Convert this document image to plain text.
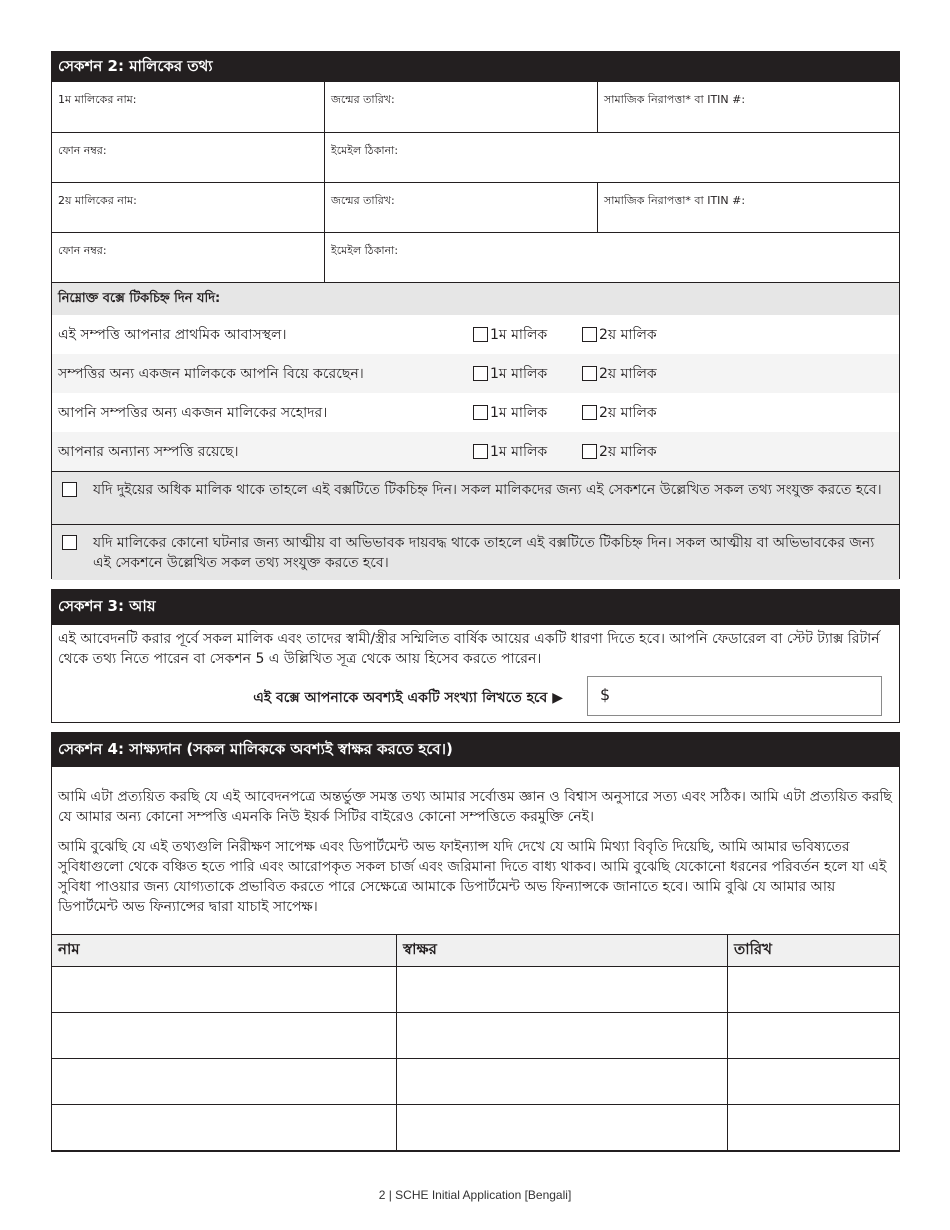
সেকশন 2: মালিকের তথ্য
1ম মালিকের নাম:	জন্মের তারিখ:	সামাজিক নিরাপত্তা* বা ITIN #:
ফোন নম্বর:	ইমেইল ঠিকানা:
2য় মালিকের নাম:	জন্মের তারিখ:	সামাজিক নিরাপত্তা* বা ITIN #:
ফোন নম্বর:	ইমেইল ঠিকানা:
নিম্নোক্ত বক্সে টিকচিহ্ন দিন যদি:
এই সম্পত্তি আপনার প্রাথমিক আবাসস্থল।	1ম মালিক	2য় মালিক
সম্পত্তির অন্য একজন মালিককে আপনি বিয়ে করেছেন।	1ম মালিক	2য় মালিক
আপনি সম্পত্তির অন্য একজন মালিকের সহোদর।	1ম মালিক	2য় মালিক
আপনার অন্যান্য সম্পত্তি রয়েছে।	1ম মালিক	2য় মালিক
যদি দুইয়ের অধিক মালিক থাকে তাহলে এই বক্সটিতে টিকচিহ্ন দিন। সকল মালিকদের জন্য এই সেকশনে উল্লেখিত সকল তথ্য সংযুক্ত করতে হবে।
যদি মালিকের কোনো ঘটনার জন্য আত্মীয় বা অভিভাবক দায়বদ্ধ থাকে তাহলে এই বক্সটিতে টিকচিহ্ন দিন। সকল আত্মীয় বা অভিভাবকের জন্য এই সেকশনে উল্লেখিত সকল তথ্য সংযুক্ত করতে হবে।
সেকশন 3: আয়
এই আবেদনটি করার পূর্বে সকল মালিক এবং তাদের স্বামী/স্ত্রীর সম্মিলিত বার্ষিক আয়ের একটি ধারণা দিতে হবে। আপনি ফেডারেল বা স্টেট ট্যাক্স রিটার্ন থেকে তথ্য নিতে পারেন বা সেকশন 5 এ উল্লিখিত সূত্র থেকে আয় হিসেব করতে পারেন।
এই বক্সে আপনাকে অবশ্যই একটি সংখ্যা লিখতে হবে ▶	$
সেকশন 4: সাক্ষ্যদান (সকল মালিককে অবশ্যই স্বাক্ষর করতে হবে।)
আমি এটা প্রত্যয়িত করছি যে এই আবেদনপত্রে অন্তর্ভুক্ত সমস্ত তথ্য আমার সর্বোত্তম জ্ঞান ও বিশ্বাস অনুসারে সত্য এবং সঠিক। আমি এটা প্রত্যয়িত করছি যে আমার অন্য কোনো সম্পত্তি এমনকি নিউ ইয়র্ক সিটির বাইরেও কোনো সম্পত্তিতে করমুক্তি নেই।
আমি বুঝেছি যে এই তথ্যগুলি নিরীক্ষণ সাপেক্ষ এবং ডিপার্টমেন্ট অভ ফাইন্যান্স যদি দেখে যে আমি মিথ্যা বিবৃতি দিয়েছি, আমি আমার ভবিষ্যতের সুবিধাগুলো থেকে বঞ্চিত হতে পারি এবং আরোপকৃত সকল চার্জ এবং জরিমানা দিতে বাধ্য থাকব। আমি বুঝেছি যেকোনো ধরনের পরিবর্তন হলে যা এই সুবিধা পাওয়ার জন্য যোগ্যতাকে প্রভাবিত করতে পারে সেক্ষেত্রে আমাকে ডিপার্টমেন্ট অভ ফিন্যান্সকে জানাতে হবে। আমি বুঝি যে আমার আয় ডিপার্টমেন্ট অভ ফিন্যান্সের দ্বারা যাচাই সাপেক্ষ।
নাম	স্বাক্ষর	তারিখ

2 | SCHE Initial Application [Bengali]
